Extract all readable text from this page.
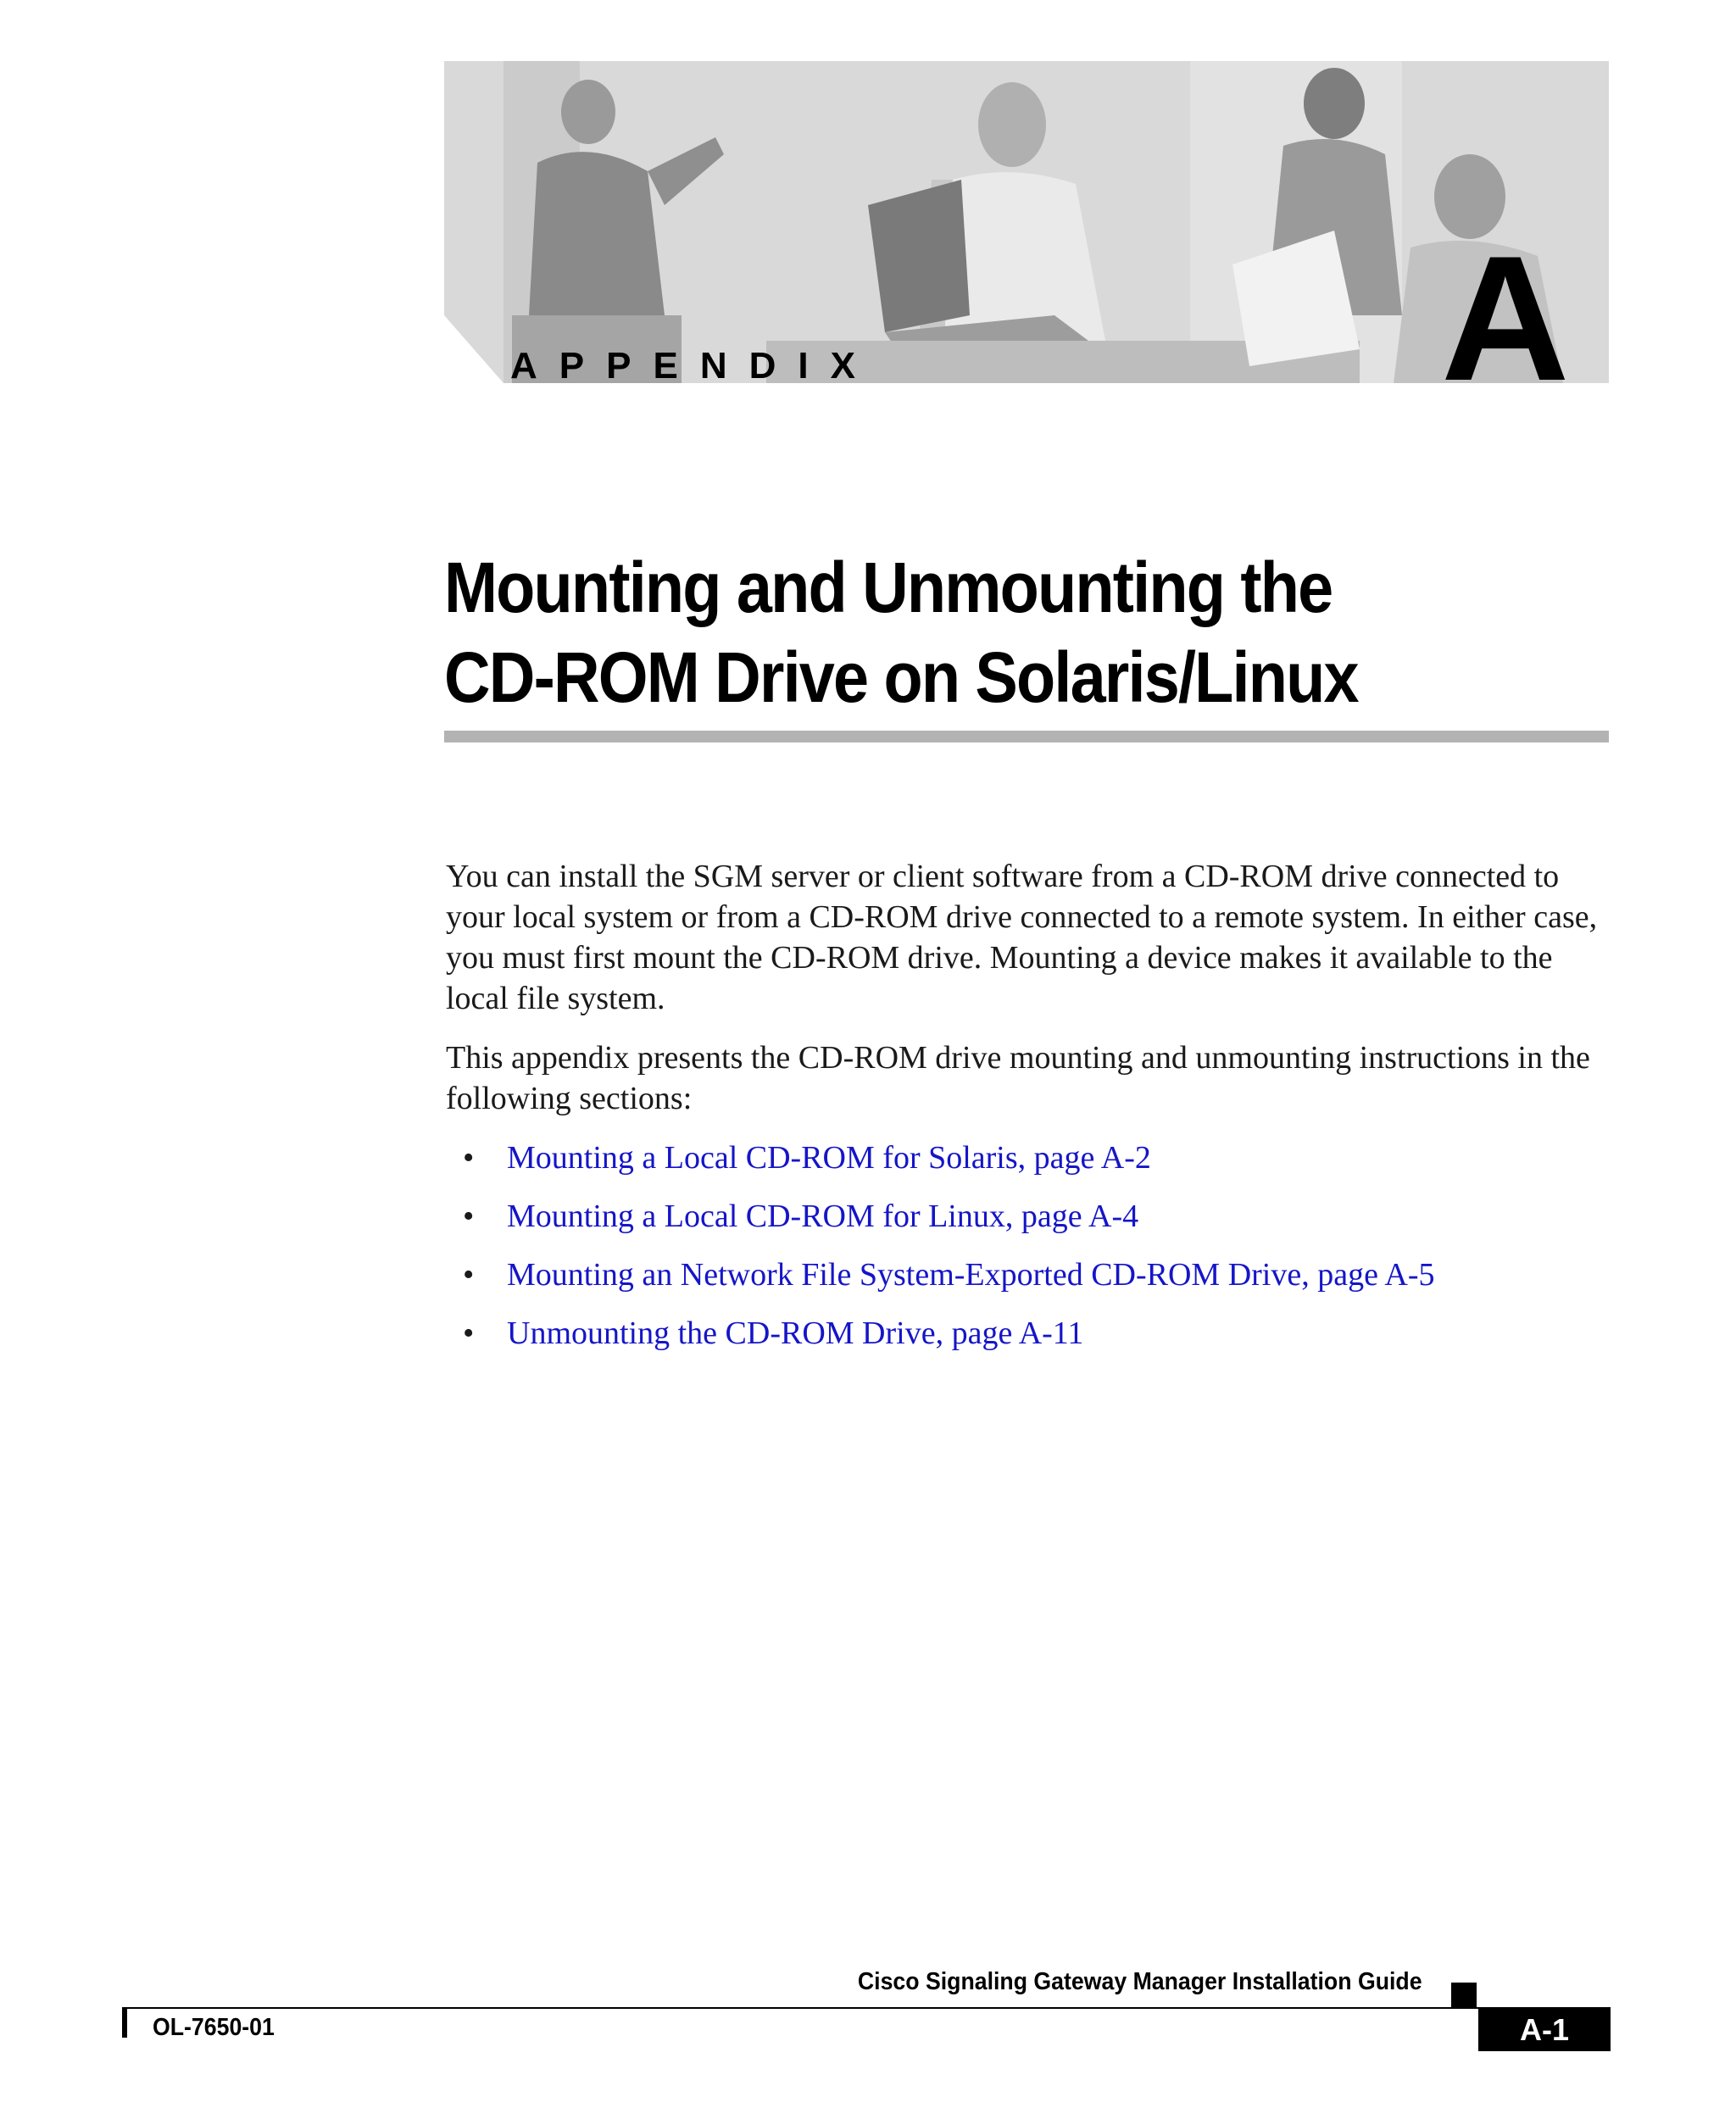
APPENDIX	A
Mounting and Unmounting the
CD-ROM Drive on Solaris/Linux

You can install the SGM server or client software from a CD-ROM drive connected to your local system or from a CD-ROM drive connected to a remote system. In either case, you must first mount the CD-ROM drive. Mounting a device makes it available to the local file system.

This appendix presents the CD-ROM drive mounting and unmounting instructions in the following sections:

• Mounting a Local CD-ROM for Solaris, page A-2
• Mounting a Local CD-ROM for Linux, page A-4
• Mounting an Network File System-Exported CD-ROM Drive, page A-5
• Unmounting the CD-ROM Drive, page A-11
Cisco Signaling Gateway Manager Installation Guide
OL-7650-01	A-1
